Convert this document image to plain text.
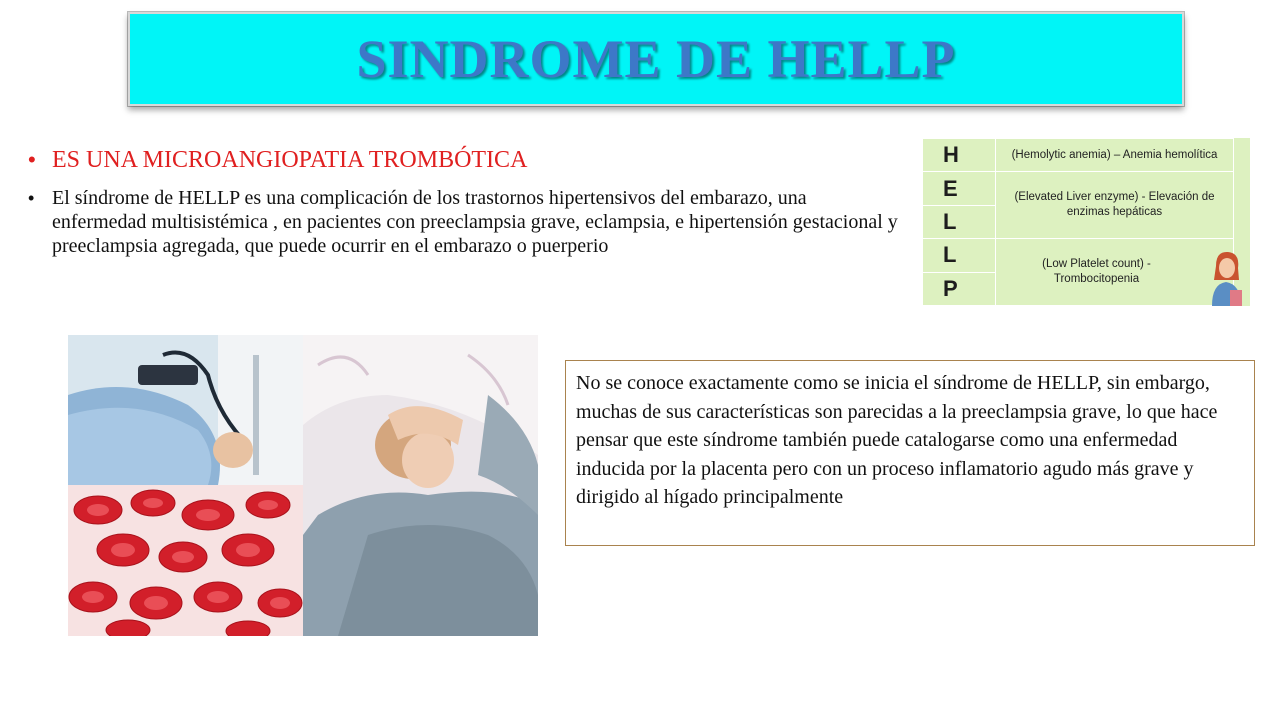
SINDROME DE HELLP
• ES UNA MICROANGIOPATIA TROMBÓTICA
• El síndrome de HELLP es una complicación de los trastornos hipertensivos del embarazo, una enfermedad multisistémica , en pacientes con preeclampsia grave, eclampsia, e hipertensión gestacional y preeclampsia agregada, que puede ocurrir en el embarazo o puerperio
H	(Hemolytic anemia) – Anemia hemolítica
E	(Elevated Liver enzyme) - Elevación de enzimas hepáticas
L	
L	(Low Platelet count) - Trombocitopenia
P	
No se conoce exactamente como se inicia el síndrome de HELLP, sin embargo, muchas de sus características son parecidas a la preeclampsia grave, lo que hace pensar que este síndrome también puede catalogarse como una enfermedad inducida por la placenta pero con un proceso inflamatorio agudo más grave y dirigido al hígado principalmente
